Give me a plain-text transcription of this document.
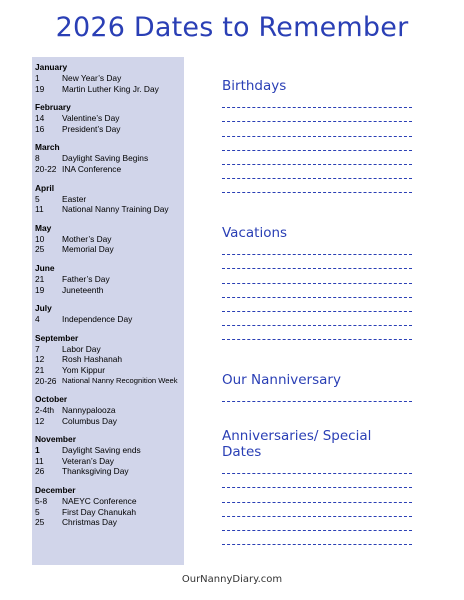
2026 Dates to Remember
January
1	New Year’s Day
19	Martin Luther King Jr. Day
February
14	Valentine’s Day
16	President’s Day
March
8	Daylight Saving Begins
20-22 INA Conference
April
5	Easter
11	National Nanny Training Day
May
10	Mother’s Day
25	Memorial Day
June
21	Father’s Day
19	Juneteenth
July
4	Independence Day
September
7	Labor Day
12	Rosh Hashanah
21	Yom Kippur
20-26 National Nanny Recognition Week
October
2-4th Nannypalooza
12	Columbus Day
November
1	Daylight Saving ends
11	Veteran’s Day
26	Thanksgiving Day
December
5-8	NAEYC Conference
5	First Day Chanukah
25	Christmas Day
Birthdays
Vacations
Our Nanniversary
Anniversaries/ Special Dates
OurNannyDiary.com
